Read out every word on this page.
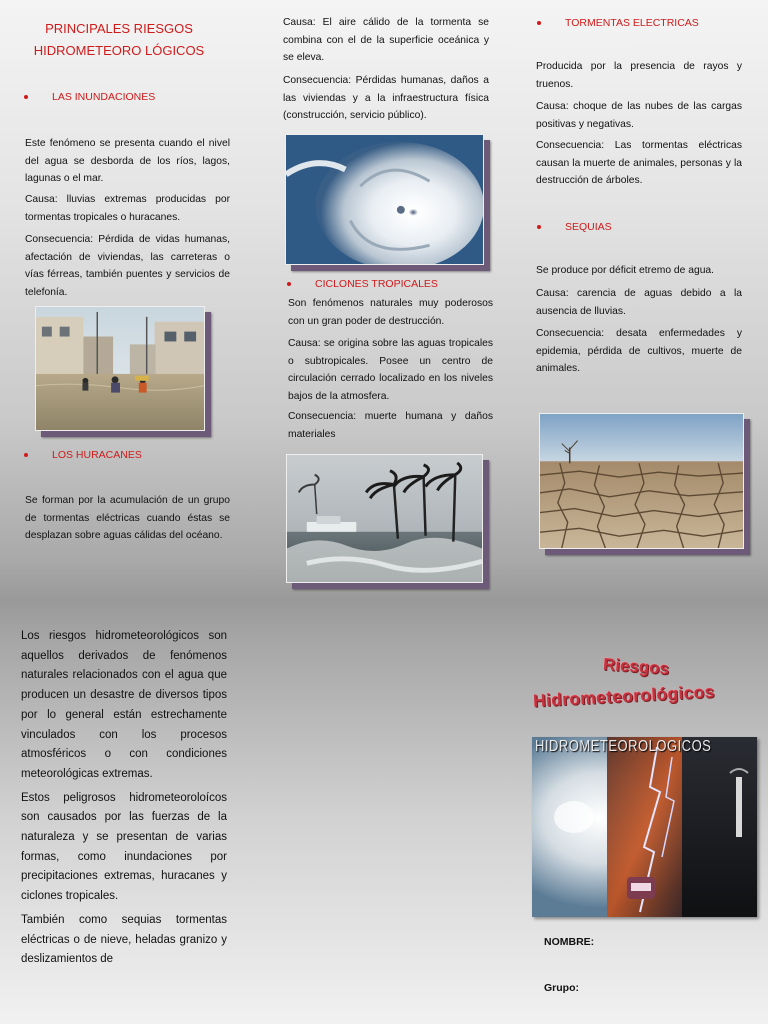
PRINCIPALES RIESGOS
HIDROMETEORO LÓGICOS
LAS INUNDACIONES
Este fenómeno se presenta cuando el nivel del agua se desborda de los ríos, lagos, lagunas o el mar.
Causa: lluvias extremas producidas por tormentas tropicales o huracanes.
Consecuencia: Pérdida de vidas humanas, afectación de viviendas, las carreteras o vías férreas, también puentes y servicios de telefonía.
LOS HURACANES
Se forman por la acumulación de un grupo de tormentas eléctricas cuando éstas se desplazan sobre aguas cálidas del océano.

Los riesgos hidrometeorológicos son aquellos derivados de fenómenos naturales relacionados con el agua que producen un desastre de diversos tipos por lo general están estrechamente vinculados con los procesos atmosféricos o con condiciones meteorológicas extremas.

Estos peligrosos hidrometeoroloícos son causados por las fuerzas de la naturaleza y se presentan de varias formas, como inundaciones por precipitaciones extremas, huracanes y ciclones tropicales.

También como sequias tormentas eléctricas o de nieve, heladas granizo y deslizamientos de

Causa: El aire cálido de la tormenta se combina con el de la superficie oceánica y se eleva.
Consecuencia: Pérdidas humanas, daños a las viviendas y a la infraestructura física (construcción, servicio público).
CICLONES TROPICALES
Son fenómenos naturales muy poderosos con un gran poder de destrucción.
Causa: se origina sobre las aguas tropicales o subtropicales. Posee un centro de circulación cerrado localizado en los niveles bajos de la atmosfera.
Consecuencia: muerte humana y daños materiales
TORMENTAS ELECTRICAS
Producida por la presencia de rayos y truenos.
Causa: choque de las nubes de las cargas positivas y negativas.
Consecuencia: Las tormentas eléctricas causan la muerte de animales, personas y la destrucción de árboles.
SEQUIAS
Se produce por déficit etremo de agua.
Causa: carencia de aguas debido a la ausencia de lluvias.
Consecuencia: desata enfermedades y epidemia, pérdida de cultivos, muerte de animales.
Riesgos
Hidrometeorológicos
HIDROMETEOROLOGICOS
NOMBRE:
Grupo:
